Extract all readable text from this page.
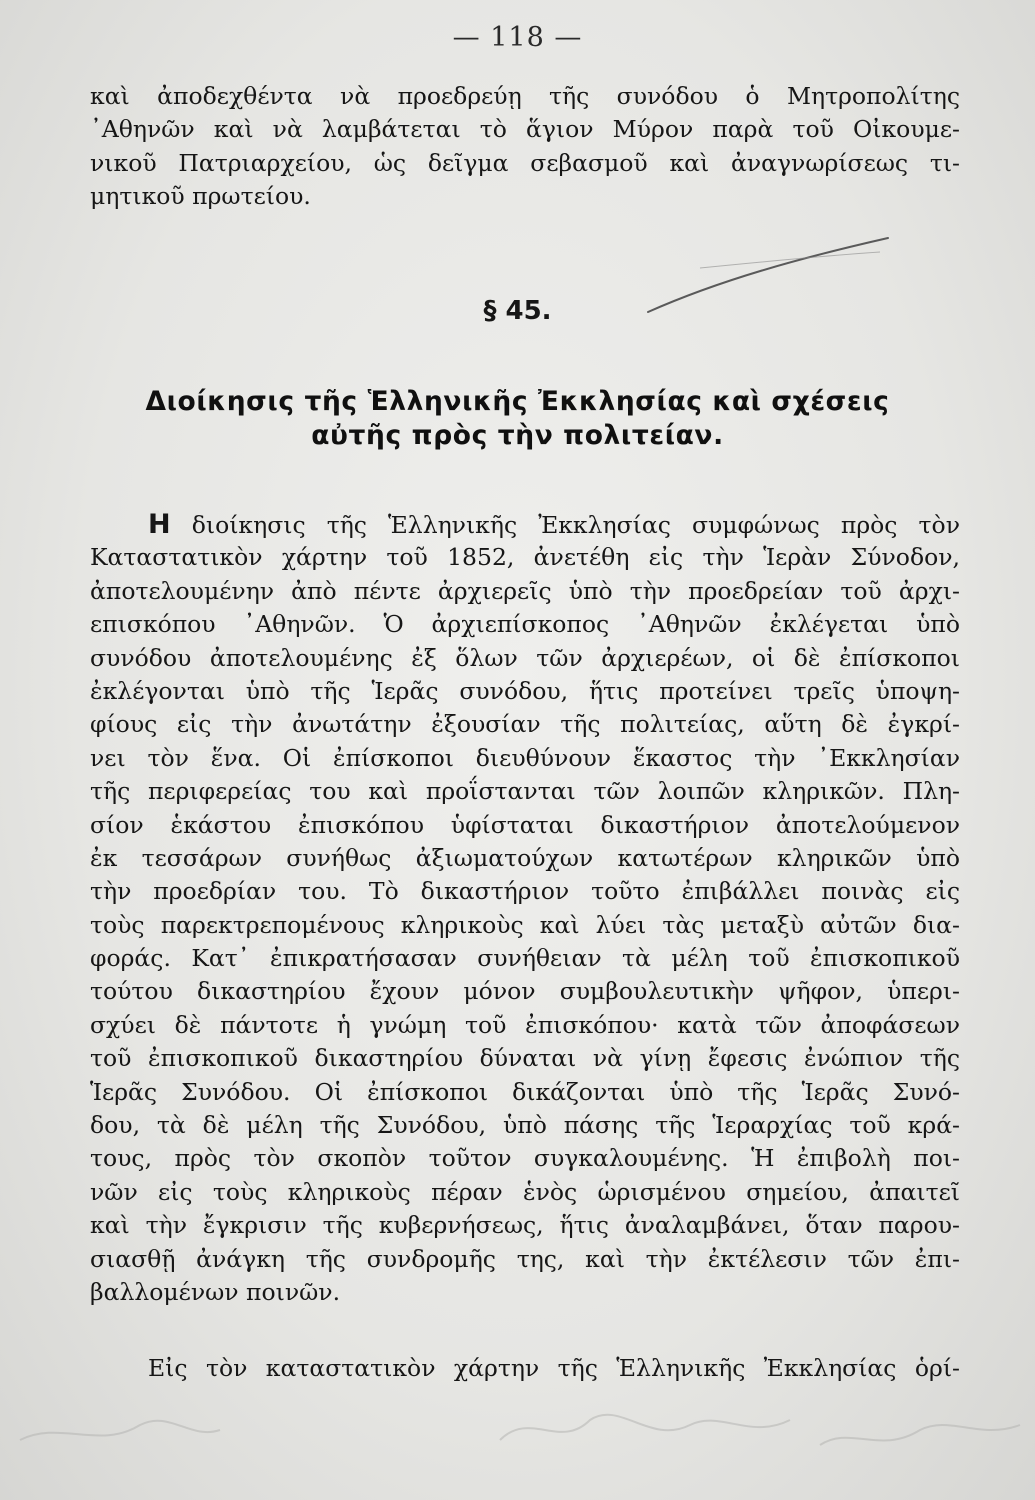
— 118 —
καὶ ἀποδεχθέντα νὰ προεδρεύῃ τῆς συνόδου ὁ Μητροπολίτης
᾿Αθηνῶν καὶ νὰ λαμβάτεται τὸ ἅγιον Μύρον παρὰ τοῦ Οἰκουμε-
νικοῦ Πατριαρχείου, ὡς δεῖγμα σεβασμοῦ καὶ ἀναγνωρίσεως τι-
μητικοῦ πρωτείου.
§ 45.
Διοίκησις τῆς Ἑλληνικῆς Ἐκκλησίας καὶ σχέσεις
αὐτῆς πρὸς τὴν πολιτείαν.
Η διοίκησις τῆς Ἑλληνικῆς Ἐκκλησίας συμφώνως πρὸς τὸν
Καταστατικὸν χάρτην τοῦ 1852, ἀνετέθη εἰς τὴν Ἱερὰν Σύνοδον,
ἀποτελουμένην ἀπὸ πέντε ἀρχιερεῖς ὑπὸ τὴν προεδρείαν τοῦ ἀρχι-
επισκόπου ᾿Αθηνῶν. Ὁ ἀρχιεπίσκοπος ᾿Αθηνῶν ἐκλέγεται ὑπὸ
συνόδου ἀποτελουμένης ἐξ ὅλων τῶν ἀρχιερέων, οἱ δὲ ἐπίσκοποι
ἐκλέγονται ὑπὸ τῆς Ἱερᾶς συνόδου, ἥτις προτείνει τρεῖς ὑποψη-
φίους εἰς τὴν ἀνωτάτην ἐξουσίαν τῆς πολιτείας, αὕτη δὲ ἐγκρί-
νει τὸν ἕνα. Οἱ ἐπίσκοποι διευθύνουν ἕκαστος τὴν ᾿Εκκλησίαν
τῆς περιφερείας του καὶ προΐστανται τῶν λοιπῶν κληρικῶν. Πλη-
σίον ἑκάστου ἐπισκόπου ὑφίσταται δικαστήριον ἀποτελούμενον
ἐκ τεσσάρων συνήθως ἀξιωματούχων κατωτέρων κληρικῶν ὑπὸ
τὴν προεδρίαν του. Τὸ δικαστήριον τοῦτο ἐπιβάλλει ποινὰς εἰς
τοὺς παρεκτρεπομένους κληρικοὺς καὶ λύει τὰς μεταξὺ αὐτῶν δια-
φοράς. Κατ᾿ ἐπικρατήσασαν συνήθειαν τὰ μέλη τοῦ ἐπισκοπικοῦ
τούτου δικαστηρίου ἔχουν μόνον συμβουλευτικὴν ψῆφον, ὑπερι-
σχύει δὲ πάντοτε ἡ γνώμη τοῦ ἐπισκόπου· κατὰ τῶν ἀποφάσεων
τοῦ ἐπισκοπικοῦ δικαστηρίου δύναται νὰ γίνῃ ἔφεσις ἐνώπιον τῆς
Ἱερᾶς Συνόδου. Οἱ ἐπίσκοποι δικάζονται ὑπὸ τῆς Ἱερᾶς Συνό-
δου, τὰ δὲ μέλη τῆς Συνόδου, ὑπὸ πάσης τῆς Ἱεραρχίας τοῦ κρά-
τους, πρὸς τὸν σκοπὸν τοῦτον συγκαλουμένης. Ἡ ἐπιβολὴ ποι-
νῶν εἰς τοὺς κληρικοὺς πέραν ἑνὸς ὡρισμένου σημείου, ἀπαιτεῖ
καὶ τὴν ἔγκρισιν τῆς κυβερνήσεως, ἥτις ἀναλαμβάνει, ὅταν παρου-
σιασθῇ ἀνάγκη τῆς συνδρομῆς της, καὶ τὴν ἐκτέλεσιν τῶν ἐπι-
βαλλομένων ποινῶν.
Εἰς τὸν καταστατικὸν χάρτην τῆς Ἑλληνικῆς Ἐκκλησίας ὁρί-
